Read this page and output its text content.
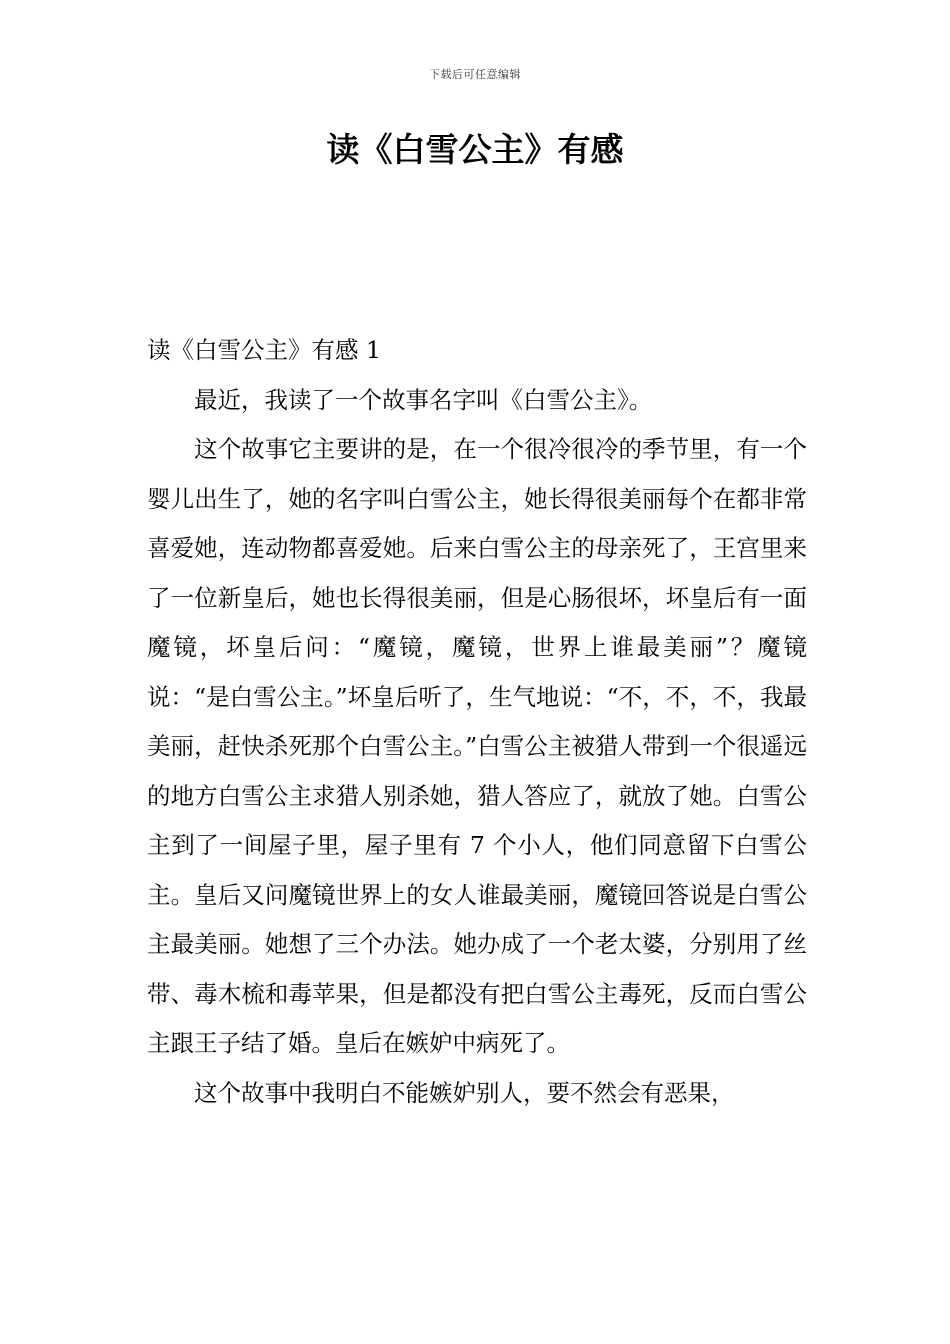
下载后可任意编辑
读《白雪公主》有感
读《白雪公主》有感 1

最近，我读了一个故事名字叫《白雪公主》。

这个故事它主要讲的是，在一个很冷很冷的季节里，有一个婴儿出生了，她的名字叫白雪公主，她长得很美丽每个在都非常喜爱她，连动物都喜爱她。后来白雪公主的母亲死了，王宫里来了一位新皇后，她也长得很美丽，但是心肠很坏，坏皇后有一面魔镜，坏皇后问：“魔镜，魔镜，世界上谁最美丽”？魔镜说：“是白雪公主。”坏皇后听了，生气地说：“不，不，不，我最美丽，赶快杀死那个白雪公主。”白雪公主被猎人带到一个很遥远的地方白雪公主求猎人别杀她，猎人答应了，就放了她。白雪公主到了一间屋子里，屋子里有 7 个小人，他们同意留下白雪公主。皇后又问魔镜世界上的女人谁最美丽，魔镜回答说是白雪公主最美丽。她想了三个办法。她办成了一个老太婆，分别用了丝带、毒木梳和毒苹果，但是都没有把白雪公主毒死，反而白雪公主跟王子结了婚。皇后在嫉妒中病死了。

这个故事中我明白不能嫉妒别人，要不然会有恶果，
